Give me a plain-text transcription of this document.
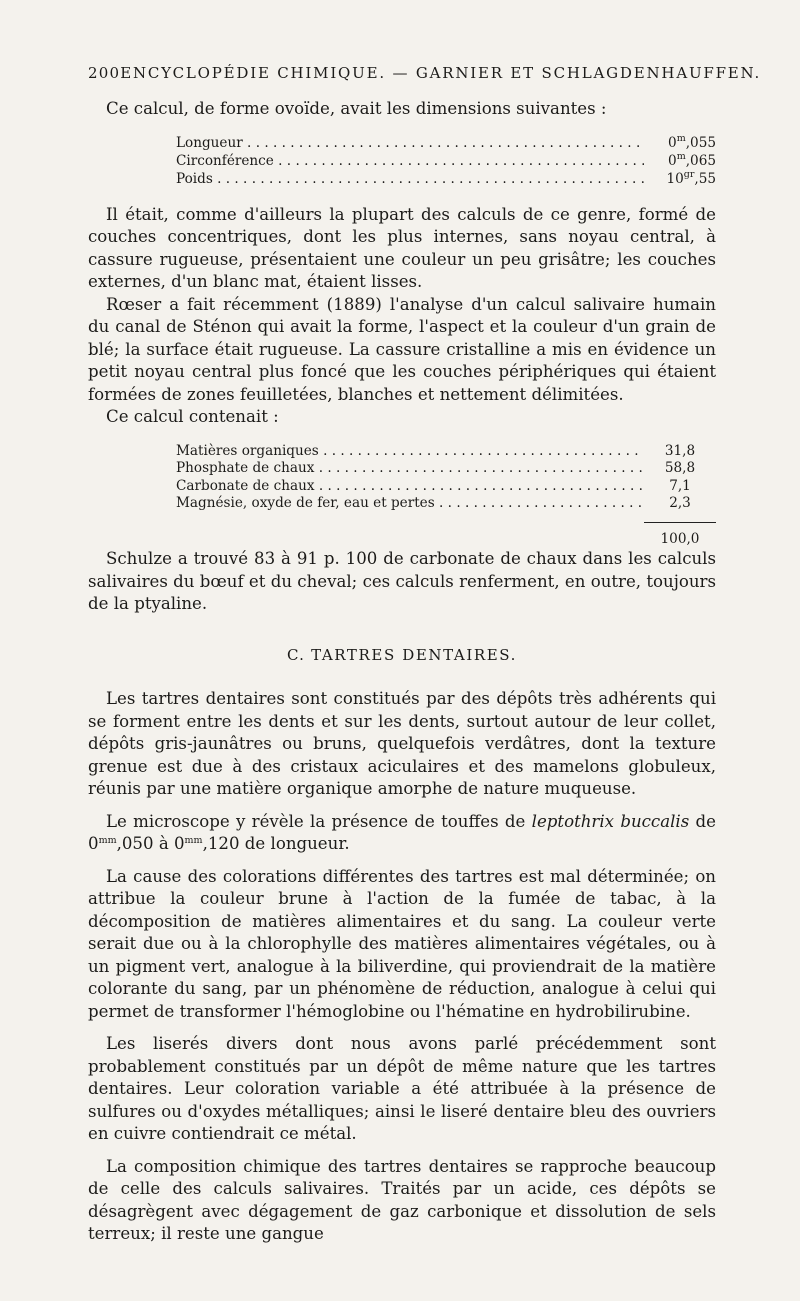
200 ENCYCLOPÉDIE CHIMIQUE. — GARNIER ET SCHLAGDENHAUFFEN.

Ce calcul, de forme ovoïde, avait les dimensions suivantes :

Longueur . . .	0$^m$,055
Circonférence . . .	0$^m$,065
Poids . . .	$10^{gr},55$

Il était, comme d'ailleurs la plupart des calculs de ce genre, formé de couches concentriques, dont les plus internes, sans noyau central, à cassure rugueuse, présentaient une couleur un peu grisâtre; les couches externes, d'un blanc mat, étaient lisses.

Rœser a fait récemment (1889) l'analyse d'un calcul salivaire humain du canal de Sténon qui avait la forme, l'aspect et la couleur d'un grain de blé; la surface était rugueuse. La cassure cristalline a mis en évidence un petit noyau central plus foncé que les couches périphériques qui étaient formées de zones feuilletées, blanches et nettement délimitées.

Ce calcul contenait :

Matières organiques . . .	31,8
Phosphate de chaux . . .	58,8
Carbonate de chaux . . .	7,1
Magnésie, oxyde de fer, eau et pertes . . .	2,3
100,0

Schulze a trouvé 83 à 91 p. 100 de carbonate de chaux dans les calculs salivaires du bœuf et du cheval; ces calculs renferment, en outre, toujours de la ptyaline.

C. TARTRES DENTAIRES.

Les tartres dentaires sont constitués par des dépôts très adhérents qui se forment entre les dents et sur les dents, surtout autour de leur collet, dépôts gris-jaunâtres ou bruns, quelquefois verdâtres, dont la texture grenue est due à des cristaux aciculaires et des mamelons globuleux, réunis par une matière organique amorphe de nature muqueuse.

Le microscope y révèle la présence de touffes de leptothrix buccalis de $0^{mm},050$ à $0^{mm},120$ de longueur.

La cause des colorations différentes des tartres est mal déterminée; on attribue la couleur brune à l'action de la fumée de tabac, à la décomposition de matières alimentaires et du sang. La couleur verte serait due ou à la chlorophylle des matières alimentaires végétales, ou à un pigment vert, analogue à la biliverdine, qui proviendrait de la matière colorante du sang, par un phénomène de réduction, analogue à celui qui permet de transformer l'hémoglobine ou l'hématine en hydrobilirubine.

Les liserés divers dont nous avons parlé précédemment sont probablement constitués par un dépôt de même nature que les tartres dentaires. Leur coloration variable a été attribuée à la présence de sulfures ou d'oxydes métalliques; ainsi le liseré dentaire bleu des ouvriers en cuivre contiendrait ce métal.

La composition chimique des tartres dentaires se rapproche beaucoup de celle des calculs salivaires. Traités par un acide, ces dépôts se désagrègent avec dégagement de gaz carbonique et dissolution de sels terreux; il reste une gangue
